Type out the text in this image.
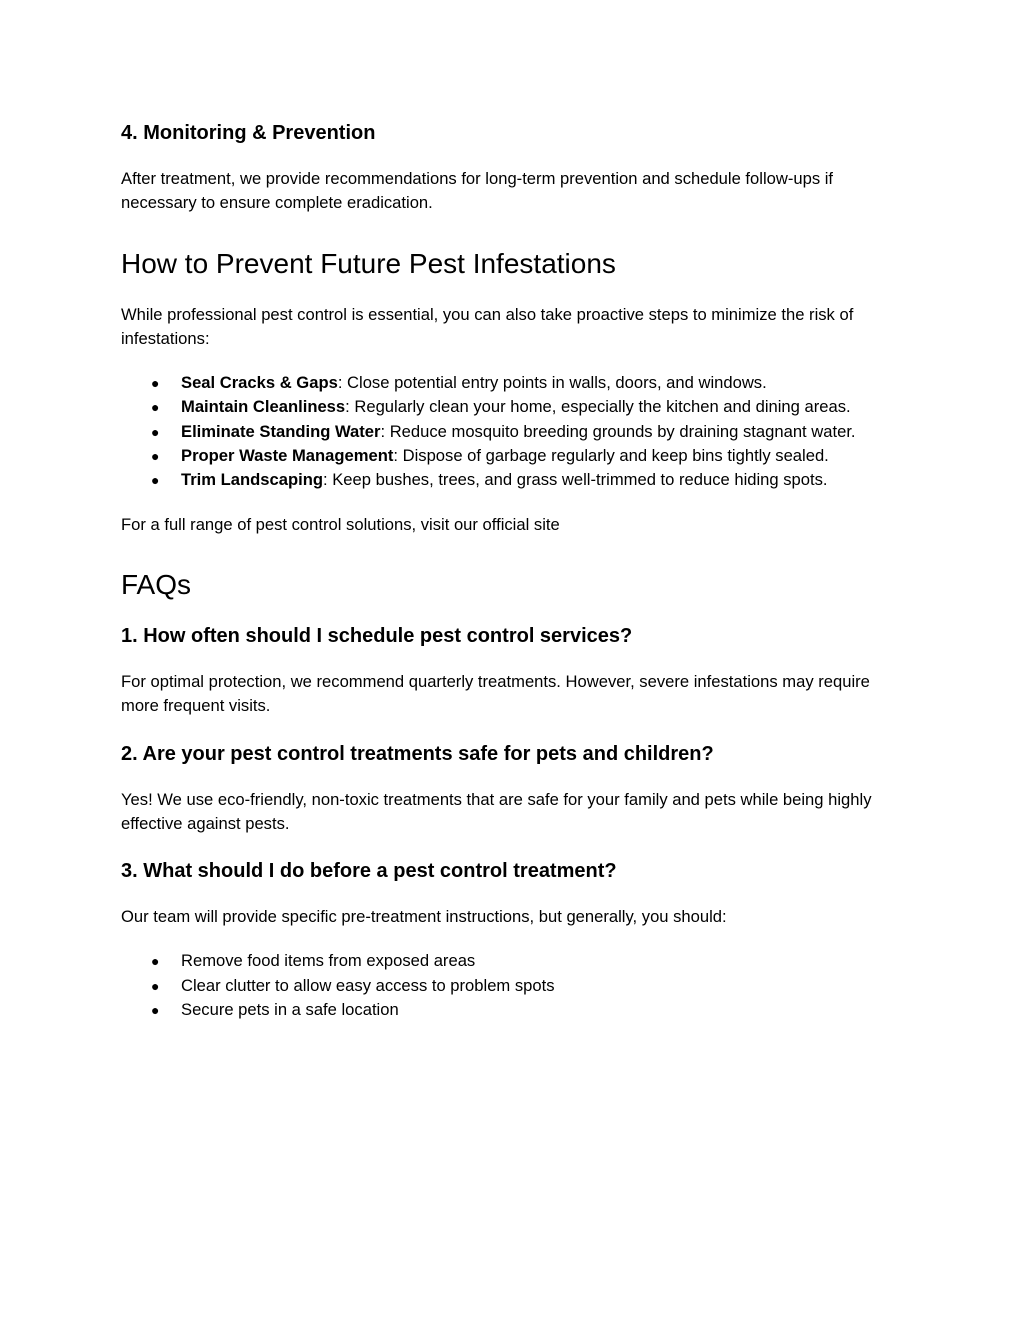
4. Monitoring & Prevention

After treatment, we provide recommendations for long-term prevention and schedule follow-ups if necessary to ensure complete eradication.

How to Prevent Future Pest Infestations

While professional pest control is essential, you can also take proactive steps to minimize the risk of infestations:

● Seal Cracks & Gaps: Close potential entry points in walls, doors, and windows.
● Maintain Cleanliness: Regularly clean your home, especially the kitchen and dining areas.
● Eliminate Standing Water: Reduce mosquito breeding grounds by draining stagnant water.
● Proper Waste Management: Dispose of garbage regularly and keep bins tightly sealed.
● Trim Landscaping: Keep bushes, trees, and grass well-trimmed to reduce hiding spots.

For a full range of pest control solutions, visit our official site

FAQs
1. How often should I schedule pest control services?

For optimal protection, we recommend quarterly treatments. However, severe infestations may require more frequent visits.

2. Are your pest control treatments safe for pets and children?

Yes! We use eco-friendly, non-toxic treatments that are safe for your family and pets while being highly effective against pests.

3. What should I do before a pest control treatment?

Our team will provide specific pre-treatment instructions, but generally, you should:

● Remove food items from exposed areas
● Clear clutter to allow easy access to problem spots
● Secure pets in a safe location
